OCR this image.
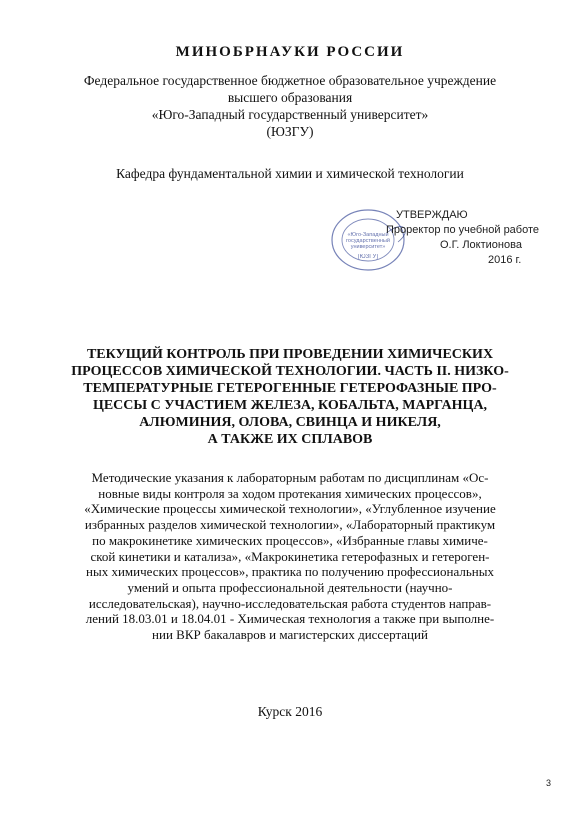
МИНОБРНАУКИ РОССИИ
Федеральное государственное бюджетное образовательное учреждение
высшего образования
«Юго-Западный государственный университет»
(ЮЗГУ)
Кафедра фундаментальной химии и химической технологии
«Юго-Западный
государственный
университет»
(ЮЗГУ)
УТВЕРЖДАЮ
Проректор по учебной работе
О.Г. Локтионова
2016 г.
ТЕКУЩИЙ КОНТРОЛЬ ПРИ ПРОВЕДЕНИИ ХИМИЧЕСКИХ
ПРОЦЕССОВ ХИМИЧЕСКОЙ ТЕХНОЛОГИИ. ЧАСТЬ II. НИЗКО-
ТЕМПЕРАТУРНЫЕ ГЕТЕРОГЕННЫЕ ГЕТЕРОФАЗНЫЕ ПРО-
ЦЕССЫ С УЧАСТИЕМ ЖЕЛЕЗА, КОБАЛЬТА, МАРГАНЦА,
АЛЮМИНИЯ, ОЛОВА, СВИНЦА И НИКЕЛЯ,
А ТАКЖЕ ИХ СПЛАВОВ
Методические указания к лабораторным работам по дисциплинам «Ос-
новные виды контроля за ходом протекания химических процессов»,
«Химические процессы химической технологии», «Углубленное изучение
избранных разделов химической технологии», «Лабораторный практикум
по макрокинетике химических процессов», «Избранные главы химиче-
ской кинетики и катализа», «Макрокинетика гетерофазных и гетероген-
ных химических процессов», практика по получению профессиональных
умений и опыта профессиональной деятельности (научно-
исследовательская), научно-исследовательская работа студентов направ-
лений 18.03.01 и 18.04.01 - Химическая технология а также при выполне-
нии ВКР бакалавров и магистерских диссертаций
Курск 2016
3
